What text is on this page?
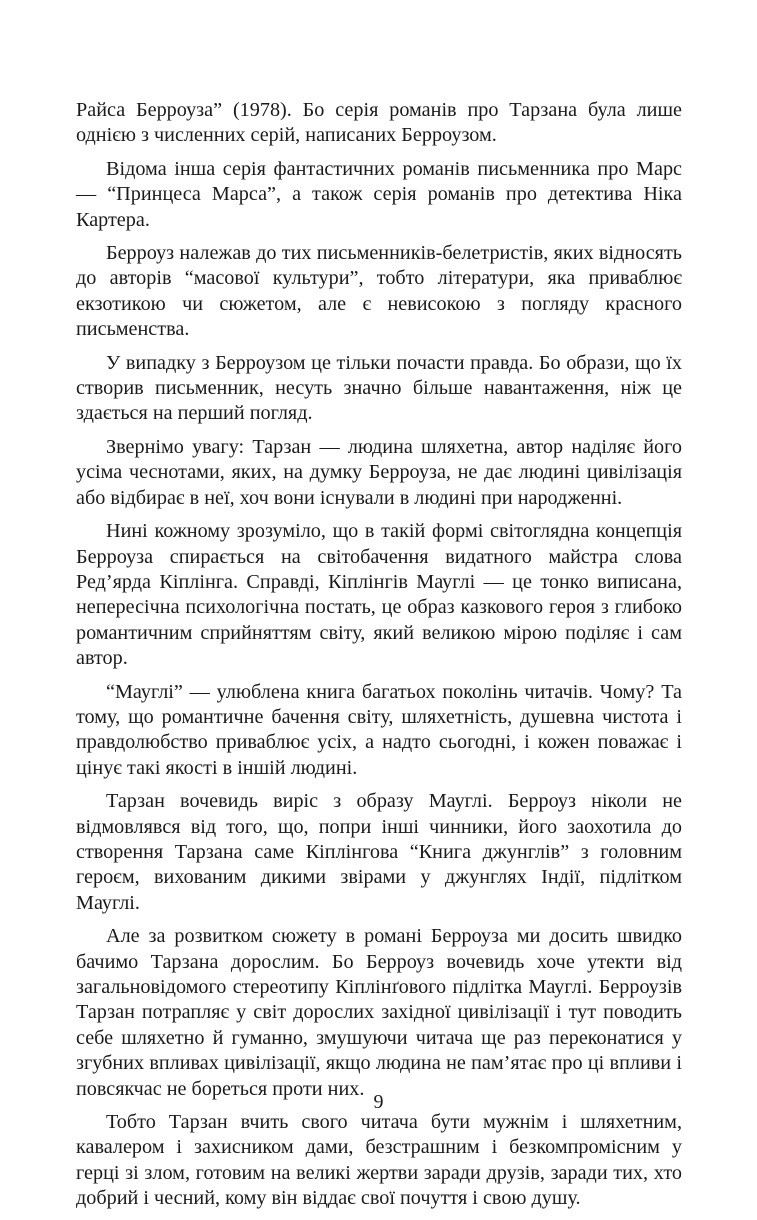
Райса Берроуза” (1978). Бо серія романів про Тарзана була лише однією з численних серій, написаних Берроузом.

Відома інша серія фантастичних романів письменника про Марс — “Принцеса Марса”, а також серія романів про детектива Ніка Картера.

Берроуз належав до тих письменників-белетристів, яких відносять до авторів “масової культури”, тобто літератури, яка приваблює екзотикою чи сюжетом, але є невисокою з погляду красного письменства.

У випадку з Берроузом це тільки почасти правда. Бо образи, що їх створив письменник, несуть значно більше навантаження, ніж це здається на перший погляд.

Звернімо увагу: Тарзан — людина шляхетна, автор наділяє його усіма чеснотами, яких, на думку Берроуза, не дає людині цивілізація або відбирає в неї, хоч вони існували в людині при народженні.

Нині кожному зрозуміло, що в такій формі світоглядна концепція Берроуза спирається на світобачення видатного майстра слова Ред’ярда Кіплінга. Справді, Кіплінгів Мауглі — це тонко виписана, непересічна психологічна постать, це образ казкового героя з глибоко романтичним сприйняттям світу, який великою мірою поділяє і сам автор.

“Мауглі” — улюблена книга багатьох поколінь читачів. Чому? Та тому, що романтичне бачення світу, шляхетність, душевна чистота і правдолюбство приваблює усіх, а надто сьогодні, і кожен поважає і цінує такі якості в іншій людині.

Тарзан вочевидь виріс з образу Мауглі. Берроуз ніколи не відмовлявся від того, що, попри інші чинники, його заохотила до створення Тарзана саме Кіплінгова “Книга джунглів” з головним героєм, вихованим дикими звірами у джунглях Індії, підлітком Мауглі.

Але за розвитком сюжету в романі Берроуза ми досить швидко бачимо Тарзана дорослим. Бо Берроуз вочевидь хоче утекти від загальновідомого стереотипу Кіплінґового підлітка Мауглі. Берроузів Тарзан потрапляє у світ дорослих західної цивілізації і тут поводить себе шляхетно й гуманно, змушуючи читача ще раз переконатися у згубних впливах цивілізації, якщо людина не пам’ятає про ці впливи і повсякчас не бореться проти них.

Тобто Тарзан вчить свого читача бути мужнім і шляхетним, кавалером і захисником дами, безстрашним і безкомпромісним у герці зі злом, готовим на великі жертви заради друзів, заради тих, хто добрий і чесний, кому він віддає свої почуття і свою душу.

9
